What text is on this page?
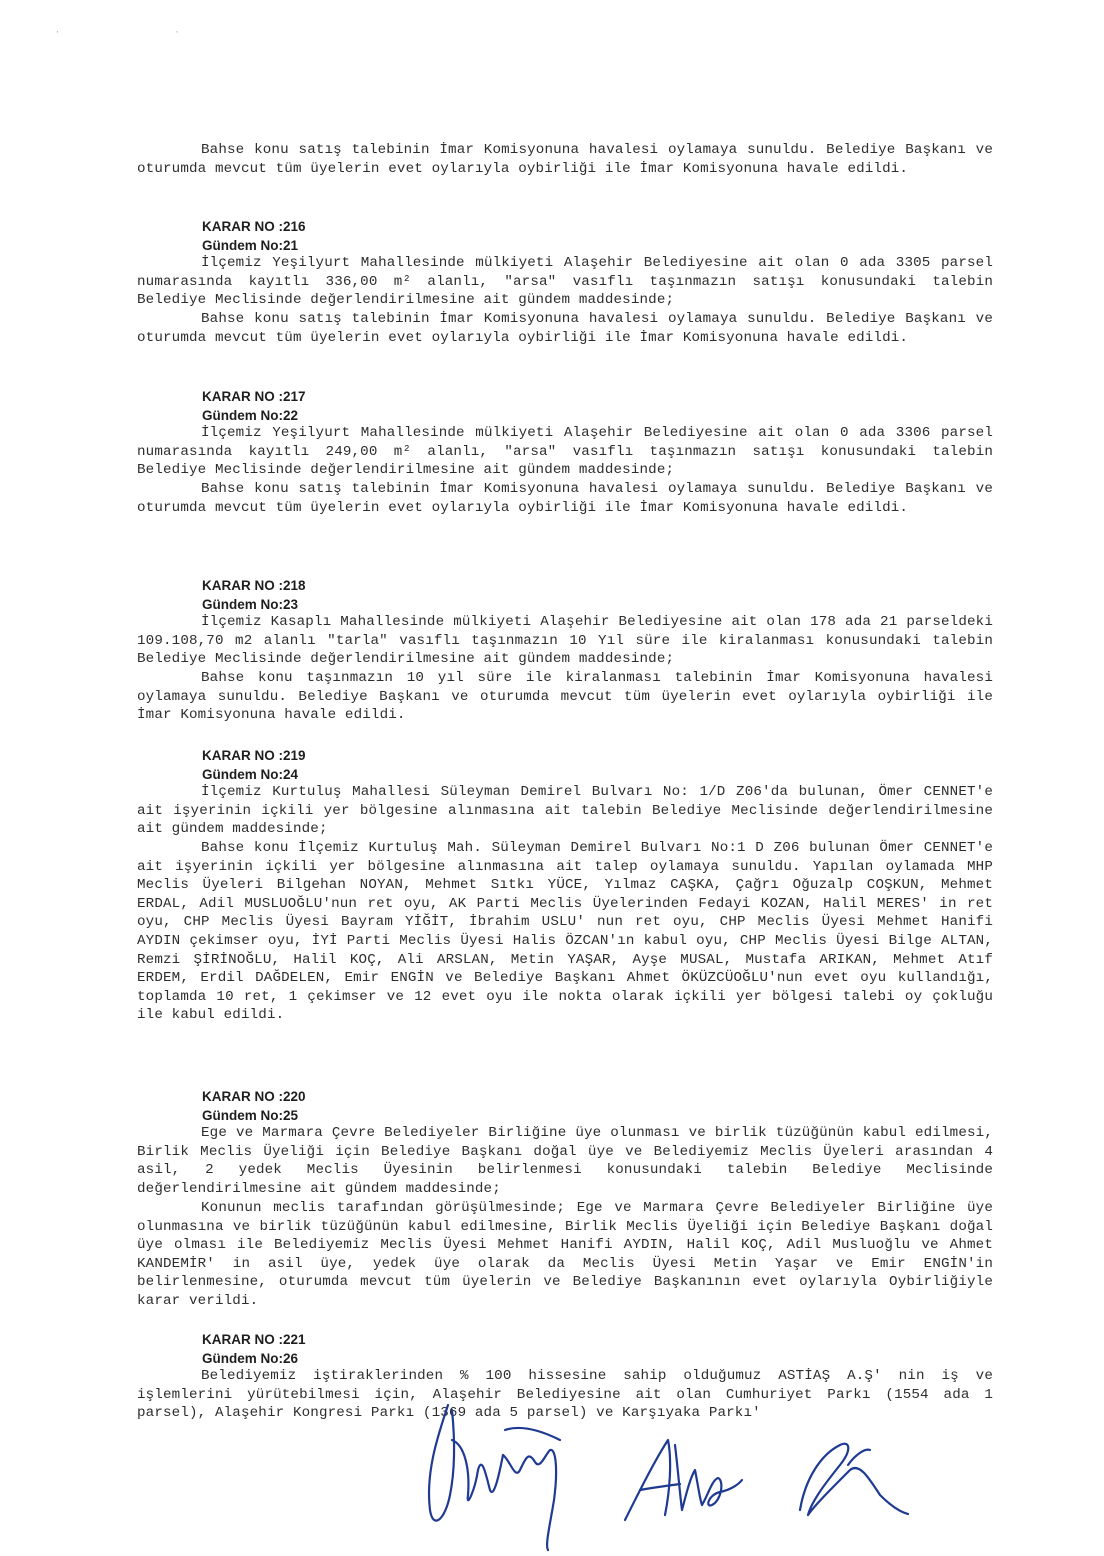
· ·

Bahse konu satış talebinin İmar Komisyonuna havalesi oylamaya sunuldu. Belediye Başkanı ve oturumda mevcut tüm üyelerin evet oylarıyla oybirliği ile İmar Komisyonuna havale edildi.

KARAR NO :216
Gündem No:21

İlçemiz Yeşilyurt Mahallesinde mülkiyeti Alaşehir Belediyesine ait olan 0 ada 3305 parsel numarasında kayıtlı 336,00 m² alanlı, "arsa" vasıflı taşınmazın satışı konusundaki talebin Belediye Meclisinde değerlendirilmesine ait gündem maddesinde;

Bahse konu satış talebinin İmar Komisyonuna havalesi oylamaya sunuldu. Belediye Başkanı ve oturumda mevcut tüm üyelerin evet oylarıyla oybirliği ile İmar Komisyonuna havale edildi.

KARAR NO :217
Gündem No:22

İlçemiz Yeşilyurt Mahallesinde mülkiyeti Alaşehir Belediyesine ait olan 0 ada 3306 parsel numarasında kayıtlı 249,00 m² alanlı, "arsa" vasıflı taşınmazın satışı konusundaki talebin Belediye Meclisinde değerlendirilmesine ait gündem maddesinde;

Bahse konu satış talebinin İmar Komisyonuna havalesi oylamaya sunuldu. Belediye Başkanı ve oturumda mevcut tüm üyelerin evet oylarıyla oybirliği ile İmar Komisyonuna havale edildi.

KARAR NO :218
Gündem No:23

İlçemiz Kasaplı Mahallesinde mülkiyeti Alaşehir Belediyesine ait olan 178 ada 21 parseldeki 109.108,70 m2 alanlı "tarla" vasıflı taşınmazın 10 Yıl süre ile kiralanması konusundaki talebin Belediye Meclisinde değerlendirilmesine ait gündem maddesinde;

Bahse konu taşınmazın 10 yıl süre ile kiralanması talebinin İmar Komisyonuna havalesi oylamaya sunuldu. Belediye Başkanı ve oturumda mevcut tüm üyelerin evet oylarıyla oybirliği ile İmar Komisyonuna havale edildi.

KARAR NO :219
Gündem No:24

İlçemiz Kurtuluş Mahallesi Süleyman Demirel Bulvarı No: 1/D Z06'da bulunan, Ömer CENNET'e ait işyerinin içkili yer bölgesine alınmasına ait talebin Belediye Meclisinde değerlendirilmesine ait gündem maddesinde;

Bahse konu İlçemiz Kurtuluş Mah. Süleyman Demirel Bulvarı No:1 D Z06 bulunan Ömer CENNET'e ait işyerinin içkili yer bölgesine alınmasına ait talep oylamaya sunuldu. Yapılan oylamada MHP Meclis Üyeleri Bilgehan NOYAN, Mehmet Sıtkı YÜCE, Yılmaz CAŞKA, Çağrı Oğuzalp COŞKUN, Mehmet ERDAL, Adil MUSLUOĞLU'nun ret oyu, AK Parti Meclis Üyelerinden Fedayi KOZAN, Halil MERES' in ret oyu, CHP Meclis Üyesi Bayram YİĞİT, İbrahim USLU' nun ret oyu, CHP Meclis Üyesi Mehmet Hanifi AYDIN çekimser oyu, İYİ Parti Meclis Üyesi Halis ÖZCAN'ın kabul oyu, CHP Meclis Üyesi Bilge ALTAN, Remzi ŞİRİNOĞLU, Halil KOÇ, Ali ARSLAN, Metin YAŞAR, Ayşe MUSAL, Mustafa ARIKAN, Mehmet Atıf ERDEM, Erdil DAĞDELEN, Emir ENGİN ve Belediye Başkanı Ahmet ÖKÜZCÜOĞLU'nun evet oyu kullandığı, toplamda 10 ret, 1 çekimser ve 12 evet oyu ile nokta olarak içkili yer bölgesi talebi oy çokluğu ile kabul edildi.

KARAR NO :220
Gündem No:25

Ege ve Marmara Çevre Belediyeler Birliğine üye olunması ve birlik tüzüğünün kabul edilmesi, Birlik Meclis Üyeliği için Belediye Başkanı doğal üye ve Belediyemiz Meclis Üyeleri arasından 4 asil, 2 yedek Meclis Üyesinin belirlenmesi konusundaki talebin Belediye Meclisinde değerlendirilmesine ait gündem maddesinde;

Konunun meclis tarafından görüşülmesinde; Ege ve Marmara Çevre Belediyeler Birliğine üye olunmasına ve birlik tüzüğünün kabul edilmesine, Birlik Meclis Üyeliği için Belediye Başkanı doğal üye olması ile Belediyemiz Meclis Üyesi Mehmet Hanifi AYDIN, Halil KOÇ, Adil Musluoğlu ve Ahmet KANDEMİR' in asil üye, yedek üye olarak da Meclis Üyesi Metin Yaşar ve Emir ENGİN'in belirlenmesine, oturumda mevcut tüm üyelerin ve Belediye Başkanının evet oylarıyla Oybirliğiyle karar verildi.

KARAR NO :221
Gündem No:26

Belediyemiz iştiraklerinden % 100 hissesine sahip olduğumuz ASTİAŞ A.Ş' nin iş ve işlemlerini yürütebilmesi için, Alaşehir Belediyesine ait olan Cumhuriyet Parkı (1554 ada 1 parsel), Alaşehir Kongresi Parkı (1369 ada 5 parsel) ve Karşıyaka Parkı'
